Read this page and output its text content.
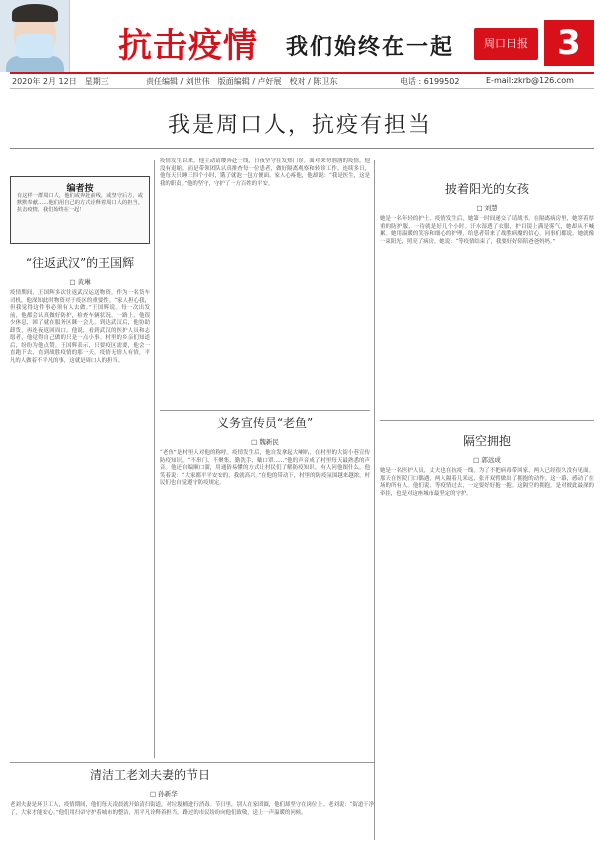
抗击疫情 我们始终在一起	周口日报 3
2020年 2月 12日　星期三	责任编辑 / 刘世伟　版面编辑 / 卢好展　校对 / 陈卫东	电话 : 6199502	E-mail:zkrb@126.com
我是周口人，抗疫有担当
编者按
有这样一群周口人，他们或奔赴前线，或坚守后方，或默默奉献……他们用自己的方式诠释着周口人的担当。抗击疫情，我们始终在一起！
“往返武汉”的王国辉
□ 黄琳
疫情期间，王国辉多次往返武汉运送物资。作为一名货车司机，他深知此时物资对于疫区的重要性。“家人担心我，但我觉得这件事必须有人去做。”王国辉说。每一次出发前，他都会认真做好防护，检查车辆状况。一路上，他很少休息，困了就在服务区眯一会儿。到达武汉后，他协助卸货，再连夜返回周口。他说，看到武汉的医护人员和志愿者，他觉得自己做的只是一点小事。村里的乡亲们知道后，纷纷为他点赞。王国辉表示，只要疫区需要，他会一直跑下去，直到战胜疫情的那一天。疫情无情人有情，平凡的人做着不平凡的事，这就是周口人的担当。
疫情发生以来，他主动请缨奔赴一线，日夜坚守在发热门诊。面对来势汹汹的疫情，他没有退缩，而是带领团队认真排查每一位患者，做好隔离观察和转诊工作。连续多日，他每天只睡三四个小时，饿了就泡一包方便面。家人心疼他，他却说：“我是医生，这是我的职责。”他的坚守，守护了一方百姓的平安。
义务宣传员“老鱼”
□ 魏新民
“老鱼”是村里人对他的称呼。疫情发生后，他自发拿起大喇叭，在村里的大街小巷宣传防疫知识。“不串门、不聚集、勤洗手、戴口罩……”他的声音成了村里每天最熟悉的声音。他还自编顺口溜，用通俗易懂的方式让村民们了解防疫知识。有人问他图什么，他笑着说：“大家都平平安安的，我就高兴。”在他的带动下，村里的防疫氛围越来越浓，村民们也自觉遵守防疫规定。
披着阳光的女孩
□ 刘慧
她是一名年轻的护士，疫情发生后，她第一时间递交了请战书。在隔离病房里，她穿着厚重的防护服，一待就是好几个小时。汗水湿透了衣服，护目镜上满是雾气，她却从不喊累。她用温暖的笑容和细心的护理，给患者带来了战胜病魔的信心。同事们都说，她就像一束阳光，照亮了病房。她说：“等疫情结束了，我要好好陪陪爸爸妈妈。”
隔空拥抱
□ 郭远成
她是一名医护人员，丈夫也在抗疫一线。为了不把病毒带回家，两人已经很久没有见面。那天在医院门口偶遇，两人隔着几米远，张开双臂做出了拥抱的动作。这一幕，感动了在场的所有人。他们说，等疫情过去，一定要好好抱一抱。这隔空的拥抱，是对彼此最深的牵挂，也是对这座城市最坚定的守护。
清洁工老刘夫妻的节日
□ 孙新华
老刘夫妻是环卫工人，疫情期间，他们每天凌晨就开始清扫街道，对垃圾桶进行消毒。节日里，别人在家团圆，他们却坚守在岗位上。老刘说：“街道干净了，大家才能安心。”他们用扫帚守护着城市的整洁，用平凡诠释着担当。路过的市民纷纷向他们致敬，送上一声温暖的问候。
